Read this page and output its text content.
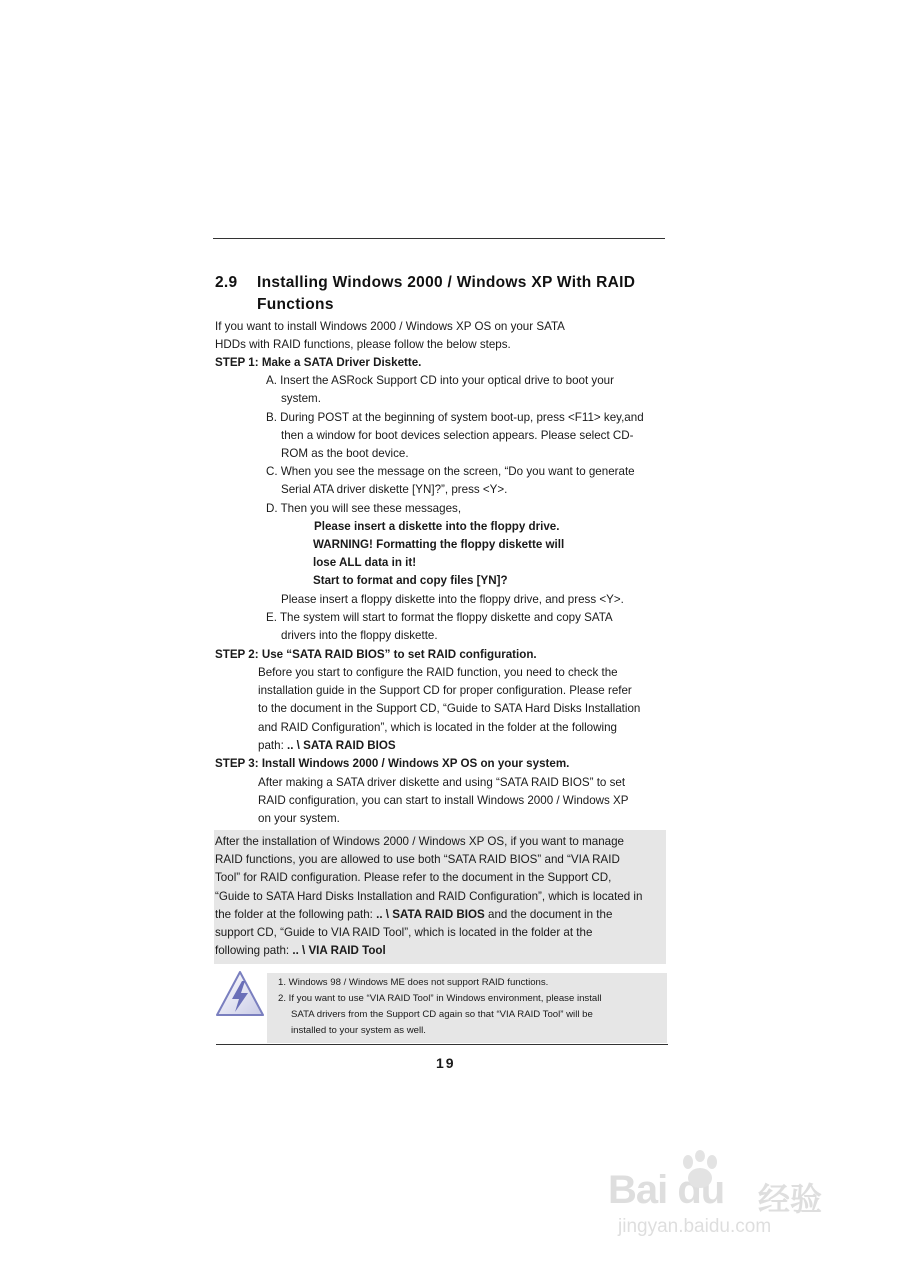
2.9 Installing Windows 2000 / Windows XP With RAID
Functions
If you want to install Windows 2000 / Windows XP OS on your SATA
HDDs with RAID functions, please follow the below steps.
STEP 1: Make a SATA Driver Diskette.
A. Insert the ASRock Support CD into your optical drive to boot your
system.
B. During POST at the beginning of system boot-up, press <F11> key,and
then a window for boot devices selection appears. Please select CD-
ROM as the boot device.
C. When you see the message on the screen, “Do you want to generate
Serial ATA driver diskette [YN]?”, press <Y>.
D. Then you will see these messages,
Please insert a diskette into the floppy drive.
WARNING! Formatting the floppy diskette will
lose ALL data in it!
Start to format and copy files [YN]?
Please insert a floppy diskette into the floppy drive, and press <Y>.
E. The system will start to format the floppy diskette and copy SATA
drivers into the floppy diskette.
STEP 2: Use “SATA RAID BIOS” to set RAID configuration.
Before you start to configure the RAID function, you need to check the
installation guide in the Support CD for proper configuration. Please refer
to the document in the Support CD, “Guide to SATA Hard Disks Installation
and RAID Configuration”, which is located in the folder at the following
path: .. \ SATA RAID BIOS
STEP 3: Install Windows 2000 / Windows XP OS on your system.
After making a SATA driver diskette and using “SATA RAID BIOS” to set
RAID configuration, you can start to install Windows 2000 / Windows XP
on your system.
After the installation of Windows 2000 / Windows XP OS, if you want to manage
RAID functions, you are allowed to use both “SATA RAID BIOS” and “VIA RAID
Tool” for RAID configuration. Please refer to the document in the Support CD,
“Guide to SATA Hard Disks Installation and RAID Configuration”, which is located in
the folder at the following path: .. \ SATA RAID BIOS and the document in the
support CD, “Guide to VIA RAID Tool”, which is located in the folder at the
following path: .. \ VIA RAID Tool
1. Windows 98 / Windows ME does not support RAID functions.
2. If you want to use “VIA RAID Tool” in Windows environment, please install
SATA drivers from the Support CD again so that “VIA RAID Tool” will be
installed to your system as well.
19
Bai du 经验
jingyan.baidu.com
